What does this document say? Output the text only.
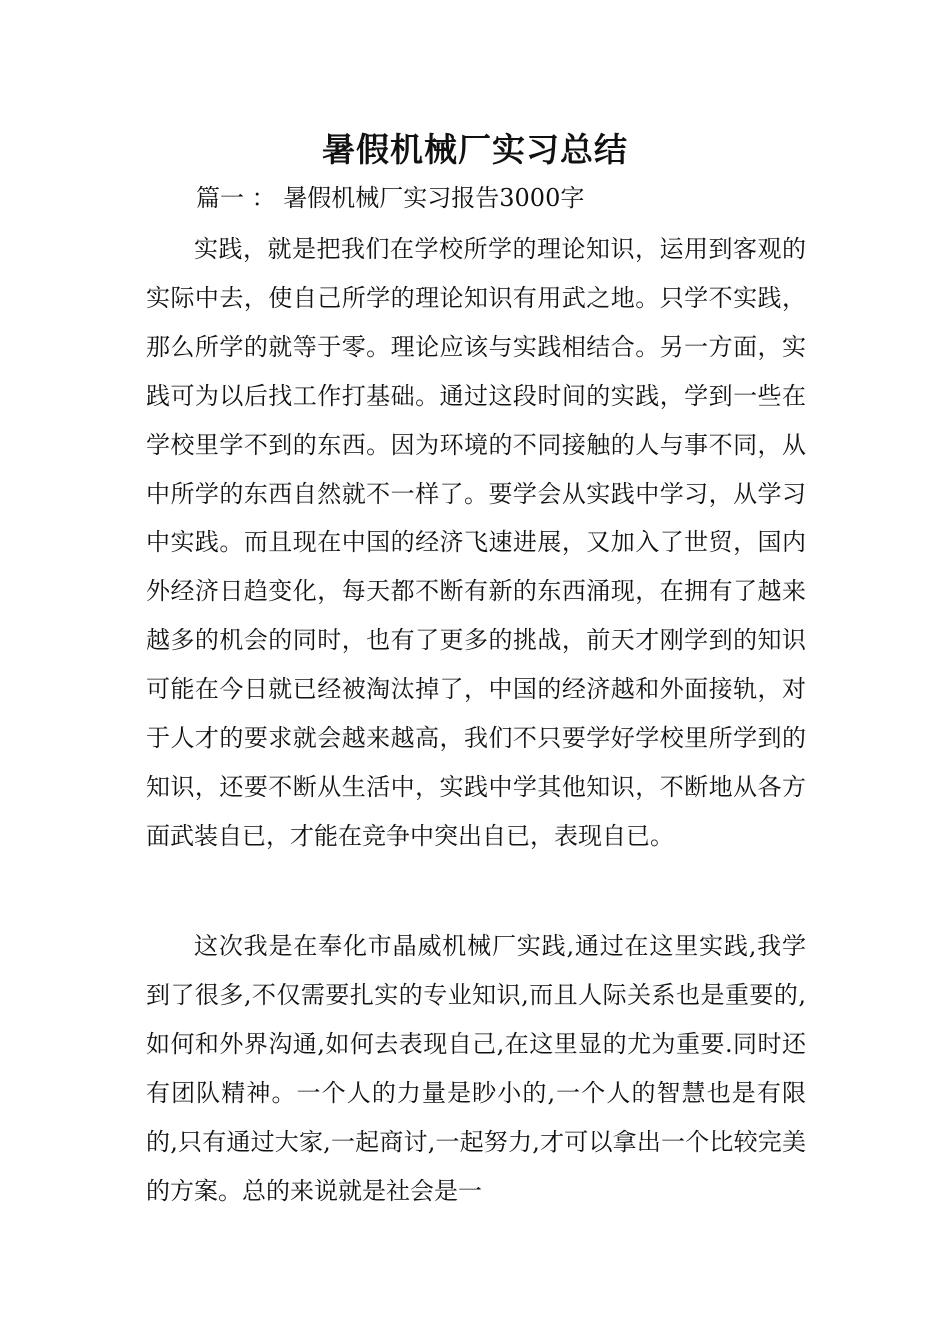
暑假机械厂实习总结
篇一 ： 暑假机械厂实习报告3000字

实践，就是把我们在学校所学的理论知识，运用到客观的实际中去，使自己所学的理论知识有用武之地。只学不实践，那么所学的就等于零。理论应该与实践相结合。另一方面，实践可为以后找工作打基础。通过这段时间的实践，学到一些在学校里学不到的东西。因为环境的不同接触的人与事不同，从中所学的东西自然就不一样了。要学会从实践中学习，从学习中实践。而且现在中国的经济飞速进展，又加入了世贸，国内外经济日趋变化，每天都不断有新的东西涌现，在拥有了越来越多的机会的同时，也有了更多的挑战，前天才刚学到的知识可能在今日就已经被淘汰掉了，中国的经济越和外面接轨，对于人才的要求就会越来越高，我们不只要学好学校里所学到的知识，还要不断从生活中，实践中学其他知识，不断地从各方面武装自已，才能在竞争中突出自已，表现自已。

这次我是在奉化市晶威机械厂实践,通过在这里实践,我学到了很多,不仅需要扎实的专业知识,而且人际关系也是重要的,如何和外界沟通,如何去表现自己,在这里显的尤为重要.同时还有团队精神。一个人的力量是眇小的,一个人的智慧也是有限的,只有通过大家,一起商讨,一起努力,才可以拿出一个比较完美的方案。总的来说就是社会是一
